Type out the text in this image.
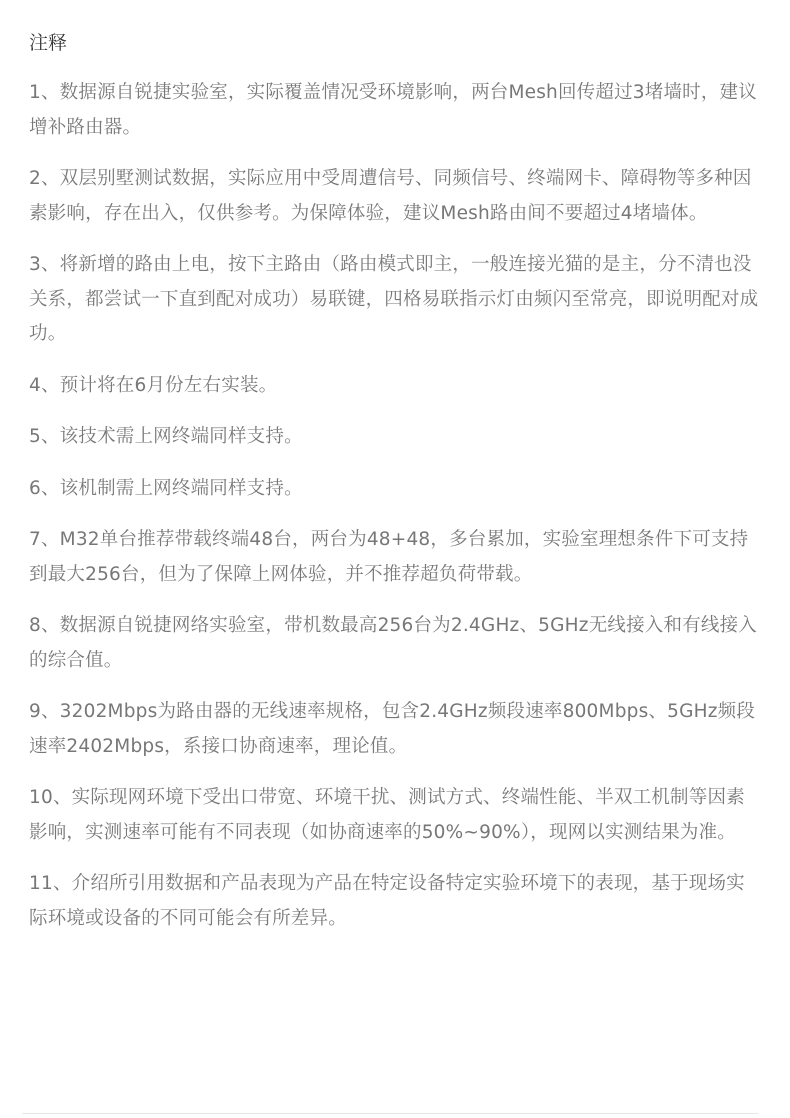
注释
1、数据源自锐捷实验室，实际覆盖情况受环境影响，两台Mesh回传超过3堵墙时，建议增补路由器。
2、双层别墅测试数据，实际应用中受周遭信号、同频信号、终端网卡、障碍物等多种因素影响，存在出入，仅供参考。为保障体验，建议Mesh路由间不要超过4堵墙体。
3、将新增的路由上电，按下主路由（路由模式即主，一般连接光猫的是主，分不清也没关系，都尝试一下直到配对成功）易联键，四格易联指示灯由频闪至常亮，即说明配对成功。
4、预计将在6月份左右实装。
5、该技术需上网终端同样支持。
6、该机制需上网终端同样支持。
7、M32单台推荐带载终端48台，两台为48+48，多台累加，实验室理想条件下可支持到最大256台，但为了保障上网体验，并不推荐超负荷带载。
8、数据源自锐捷网络实验室，带机数最高256台为2.4GHz、5GHz无线接入和有线接入的综合值。
9、3202Mbps为路由器的无线速率规格，包含2.4GHz频段速率800Mbps、5GHz频段速率2402Mbps，系接口协商速率，理论值。
10、实际现网环境下受出口带宽、环境干扰、测试方式、终端性能、半双工机制等因素影响，实测速率可能有不同表现（如协商速率的50%~90%），现网以实测结果为准。
11、介绍所引用数据和产品表现为产品在特定设备特定实验环境下的表现，基于现场实际环境或设备的不同可能会有所差异。
